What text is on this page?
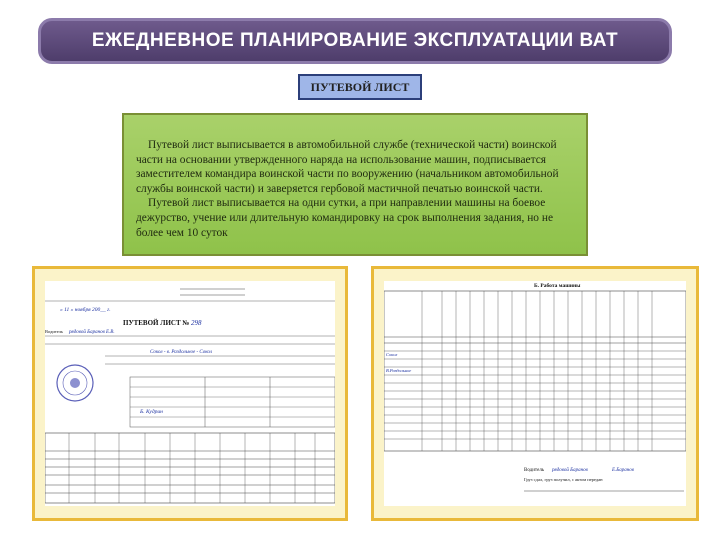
ЕЖЕДНЕВНОЕ ПЛАНИРОВАНИЕ ЭКСПЛУАТАЦИИ ВАТ
ПУТЕВОЙ ЛИСТ

Путевой лист выписывается в автомобильной службе (технической части) воинской части на основании утвержденного наряда на использование машин, подписывается заместителем командира воинской части по вооружению (начальником автомобильной службы воинской части) и заверяется гербовой мастичной печатью воинской части.

Путевой лист выписывается на одни сутки, а при направлении машины на боевое дежурство, учение или длительную командировку на срок выполнения задания, но не более чем 10 суток

ПУТЕВОЙ ЛИСТ № 298
« 11 » ноября 200__ г.
Водитель рядовой Баранов Е.В.
Сокол - в. Раздольное - Сокол
Б. Кудрин
Б. Работа машины
Сокол
В.Раздольное
Водитель рядовой Баранов	Е.Баранов
Груз сдал, груз получил, с актом передан
